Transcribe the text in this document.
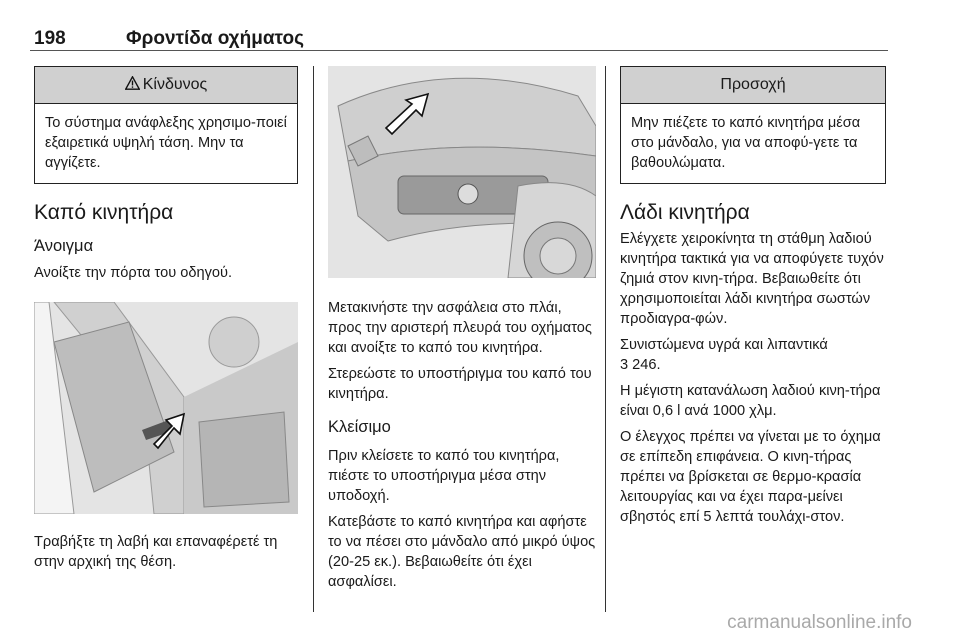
198	Φροντίδα οχήματος
Κίνδυνος
Το σύστημα ανάφλεξης χρησιμο-ποιεί εξαιρετικά υψηλή τάση. Μην τα αγγίζετε.
Καπό κινητήρα
Άνοιγμα

Ανοίξτε την πόρτα του οδηγού.

Τραβήξτε τη λαβή και επαναφέρετέ τη στην αρχική της θέση.

Μετακινήστε την ασφάλεια στο πλάι, προς την αριστερή πλευρά του οχήματος και ανοίξτε το καπό του κινητήρα.

Στερεώστε το υποστήριγμα του καπό του κινητήρα.

Κλείσιμο

Πριν κλείσετε το καπό του κινητήρα, πιέστε το υποστήριγμα μέσα στην υποδοχή.

Κατεβάστε το καπό κινητήρα και αφήστε το να πέσει στο μάνδαλο από μικρό ύψος (20-25 εκ.). Βεβαιωθείτε ότι έχει ασφαλίσει.

Προσοχή
Μην πιέζετε το καπό κινητήρα μέσα στο μάνδαλο, για να αποφύ-γετε τα βαθουλώματα.
Λάδι κινητήρα

Ελέγχετε χειροκίνητα τη στάθμη λαδιού κινητήρα τακτικά για να αποφύγετε τυχόν ζημιά στον κινη-τήρα. Βεβαιωθείτε ότι χρησιμοποιείται λάδι κινητήρα σωστών προδιαγρα-φών.

Συνιστώμενα υγρά και λιπαντικά
3 246.

Η μέγιστη κατανάλωση λαδιού κινη-τήρα είναι 0,6 l ανά 1000 χλμ.

Ο έλεγχος πρέπει να γίνεται με το όχημα σε επίπεδη επιφάνεια. Ο κινη-τήρας πρέπει να βρίσκεται σε θερμο-κρασία λειτουργίας και να έχει παρα-μείνει σβηστός επί 5 λεπτά τουλάχι-στον.

carmanualsonline.info
